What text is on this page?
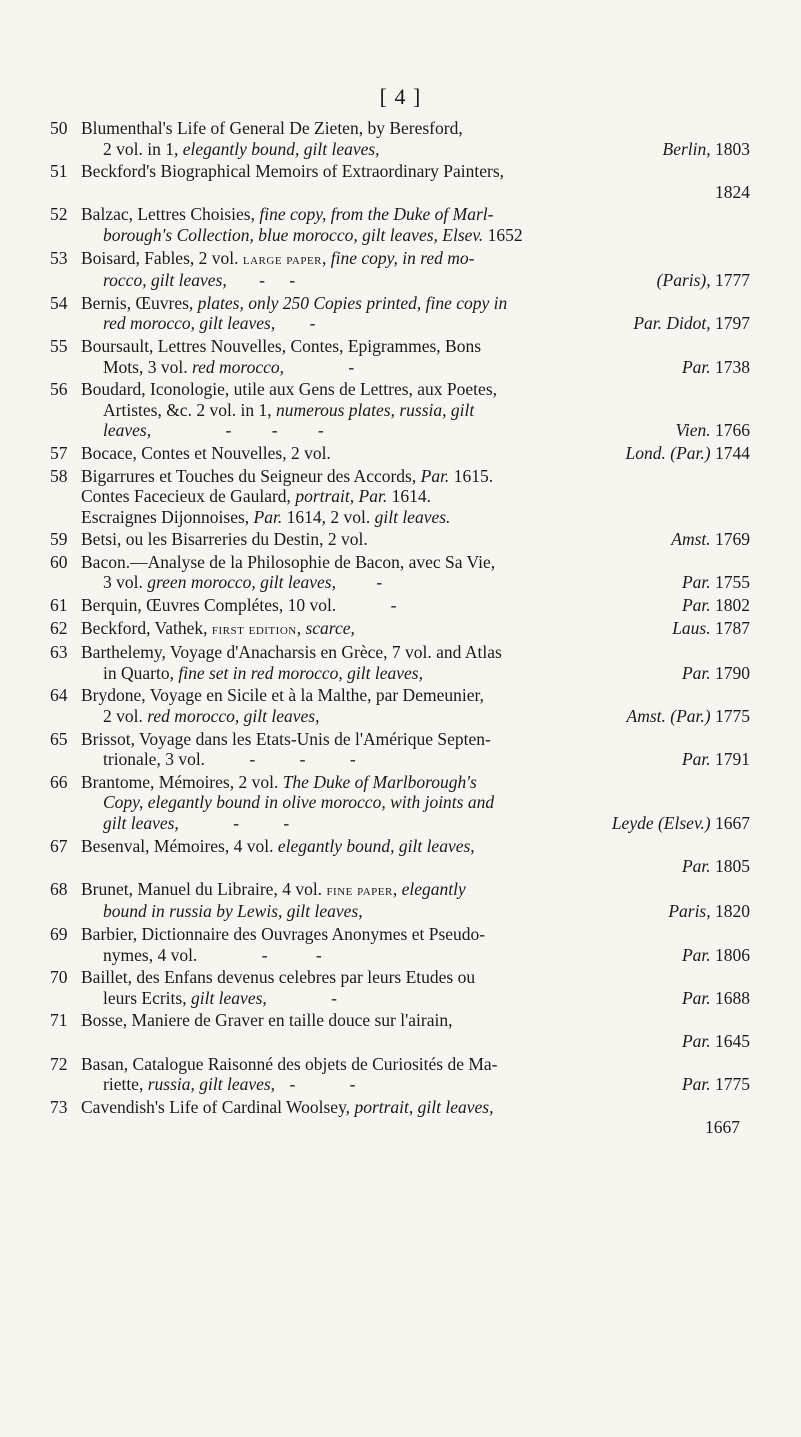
[ 4 ]
50 Blumenthal's Life of General De Zieten, by Beresford,
2 vol. in 1, elegantly bound, gilt leaves,	Berlin, 1803
51 Beckford's Biographical Memoirs of Extraordinary Painters,
1824

52 Balzac, Lettres Choisies, fine copy, from the Duke of Marl-
borough's Collection, blue morocco, gilt leaves, Elsev. 1652
53 Boisard, Fables, 2 vol. large paper, fine copy, in red mo-
rocco, gilt leaves, - -	(Paris), 1777
54 Bernis, Œuvres, plates, only 250 Copies printed, fine copy in
red morocco, gilt leaves, -	Par. Didot, 1797
55 Boursault, Lettres Nouvelles, Contes, Epigrammes, Bons
Mots, 3 vol. red morocco,	-	Par. 1738
56 Boudard, Iconologie, utile aux Gens de Lettres, aux Poetes,
Artistes, &c. 2 vol. in 1, numerous plates, russia, gilt
leaves,	- - -	Vien. 1766
57 Bocace, Contes et Nouvelles, 2 vol.	Lond. (Par.) 1744
58 Bigarrures et Touches du Seigneur des Accords, Par. 1615.
Contes Facecieux de Gaulard, portrait, Par. 1614.
Escraignes Dijonnoises, Par. 1614, 2 vol. gilt leaves.
59 Betsi, ou les Bisarreries du Destin, 2 vol.	Amst. 1769
60 Bacon.—Analyse de la Philosophie de Bacon, avec Sa Vie,
3 vol. green morocco, gilt leaves, -	Par. 1755
61 Berquin, Œuvres Complétes, 10 vol.	-	Par. 1802
62 Beckford, Vathek, first edition, scarce,	Laus. 1787
63 Barthelemy, Voyage d'Anacharsis en Grèce, 7 vol. and Atlas
in Quarto, fine set in red morocco, gilt leaves,	Par. 1790
64 Brydone, Voyage en Sicile et à la Malthe, par Demeunier,
2 vol. red morocco, gilt leaves,	Amst. (Par.) 1775
65 Brissot, Voyage dans les Etats-Unis de l'Amérique Septen-
trionale, 3 vol.	-	-	-	Par. 1791
66 Brantome, Mémoires, 2 vol. The Duke of Marlborough's
Copy, elegantly bound in olive morocco, with joints and
gilt leaves,	-	-	Leyde (Elsev.) 1667
67 Besenval, Mémoires, 4 vol. elegantly bound, gilt leaves,
Par. 1805

68 Brunet, Manuel du Libraire, 4 vol. fine paper, elegantly
bound in russia by Lewis, gilt leaves,	Paris, 1820
69 Barbier, Dictionnaire des Ouvrages Anonymes et Pseudo-
nymes, 4 vol.	-	-	Par. 1806
70 Baillet, des Enfans devenus celebres par leurs Etudes ou
leurs Ecrits, gilt leaves,	-	Par. 1688
71 Bosse, Maniere de Graver en taille douce sur l'airain,
Par. 1645

72 Basan, Catalogue Raisonné des objets de Curiosités de Ma-
riette, russia, gilt leaves, -	-	Par. 1775
73 Cavendish's Life of Cardinal Woolsey, portrait, gilt leaves,
1667
